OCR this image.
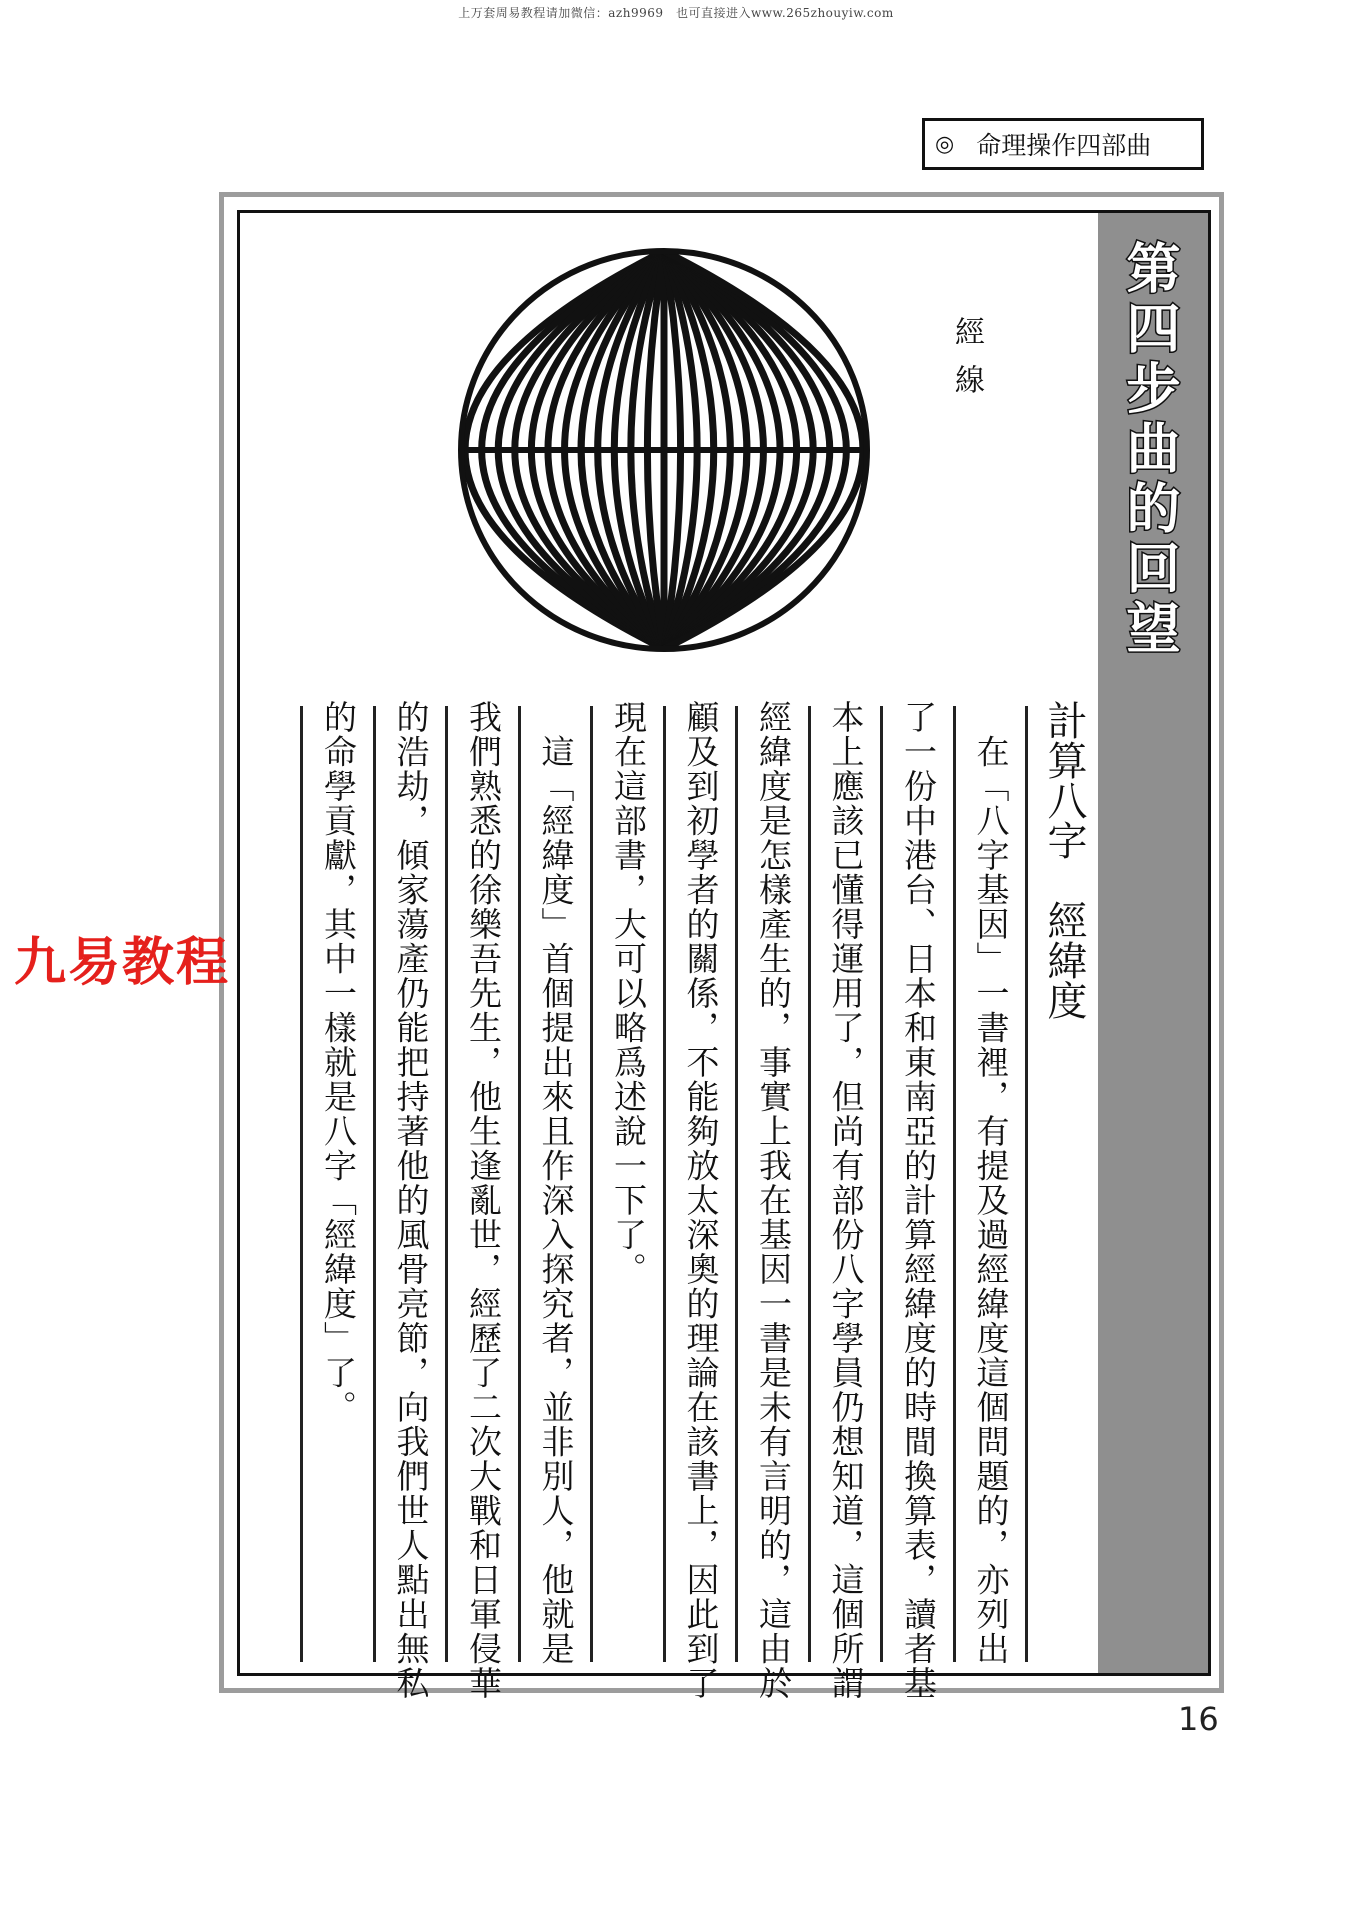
上万套周易教程请加微信：azh9969　也可直接进入www.265zhouyiw.com
◎ 命理操作四部曲
第四步曲的回望
經線
計算八字　經緯度
　在「八字基因」一書裡，有提及過經緯度這個問題的，亦列出
了一份中港台、日本和東南亞的計算經緯度的時間換算表，讀者基
本上應該已懂得運用了，但尚有部份八字學員仍想知道，這個所謂
經緯度是怎樣產生的，事實上我在基因一書是未有言明的，這由於
顧及到初學者的關係，不能夠放太深奧的理論在該書上，因此到了
現在這部書，大可以略爲述說一下了。
　這「經緯度」首個提出來且作深入探究者，並非別人，他就是
我們熟悉的徐樂吾先生，他生逢亂世，經歷了二次大戰和日軍侵華
的浩劫，傾家蕩產仍能把持著他的風骨亮節，向我們世人點出無私
的命學貢獻，其中一樣就是八字「經緯度」了。
九易教程
16
